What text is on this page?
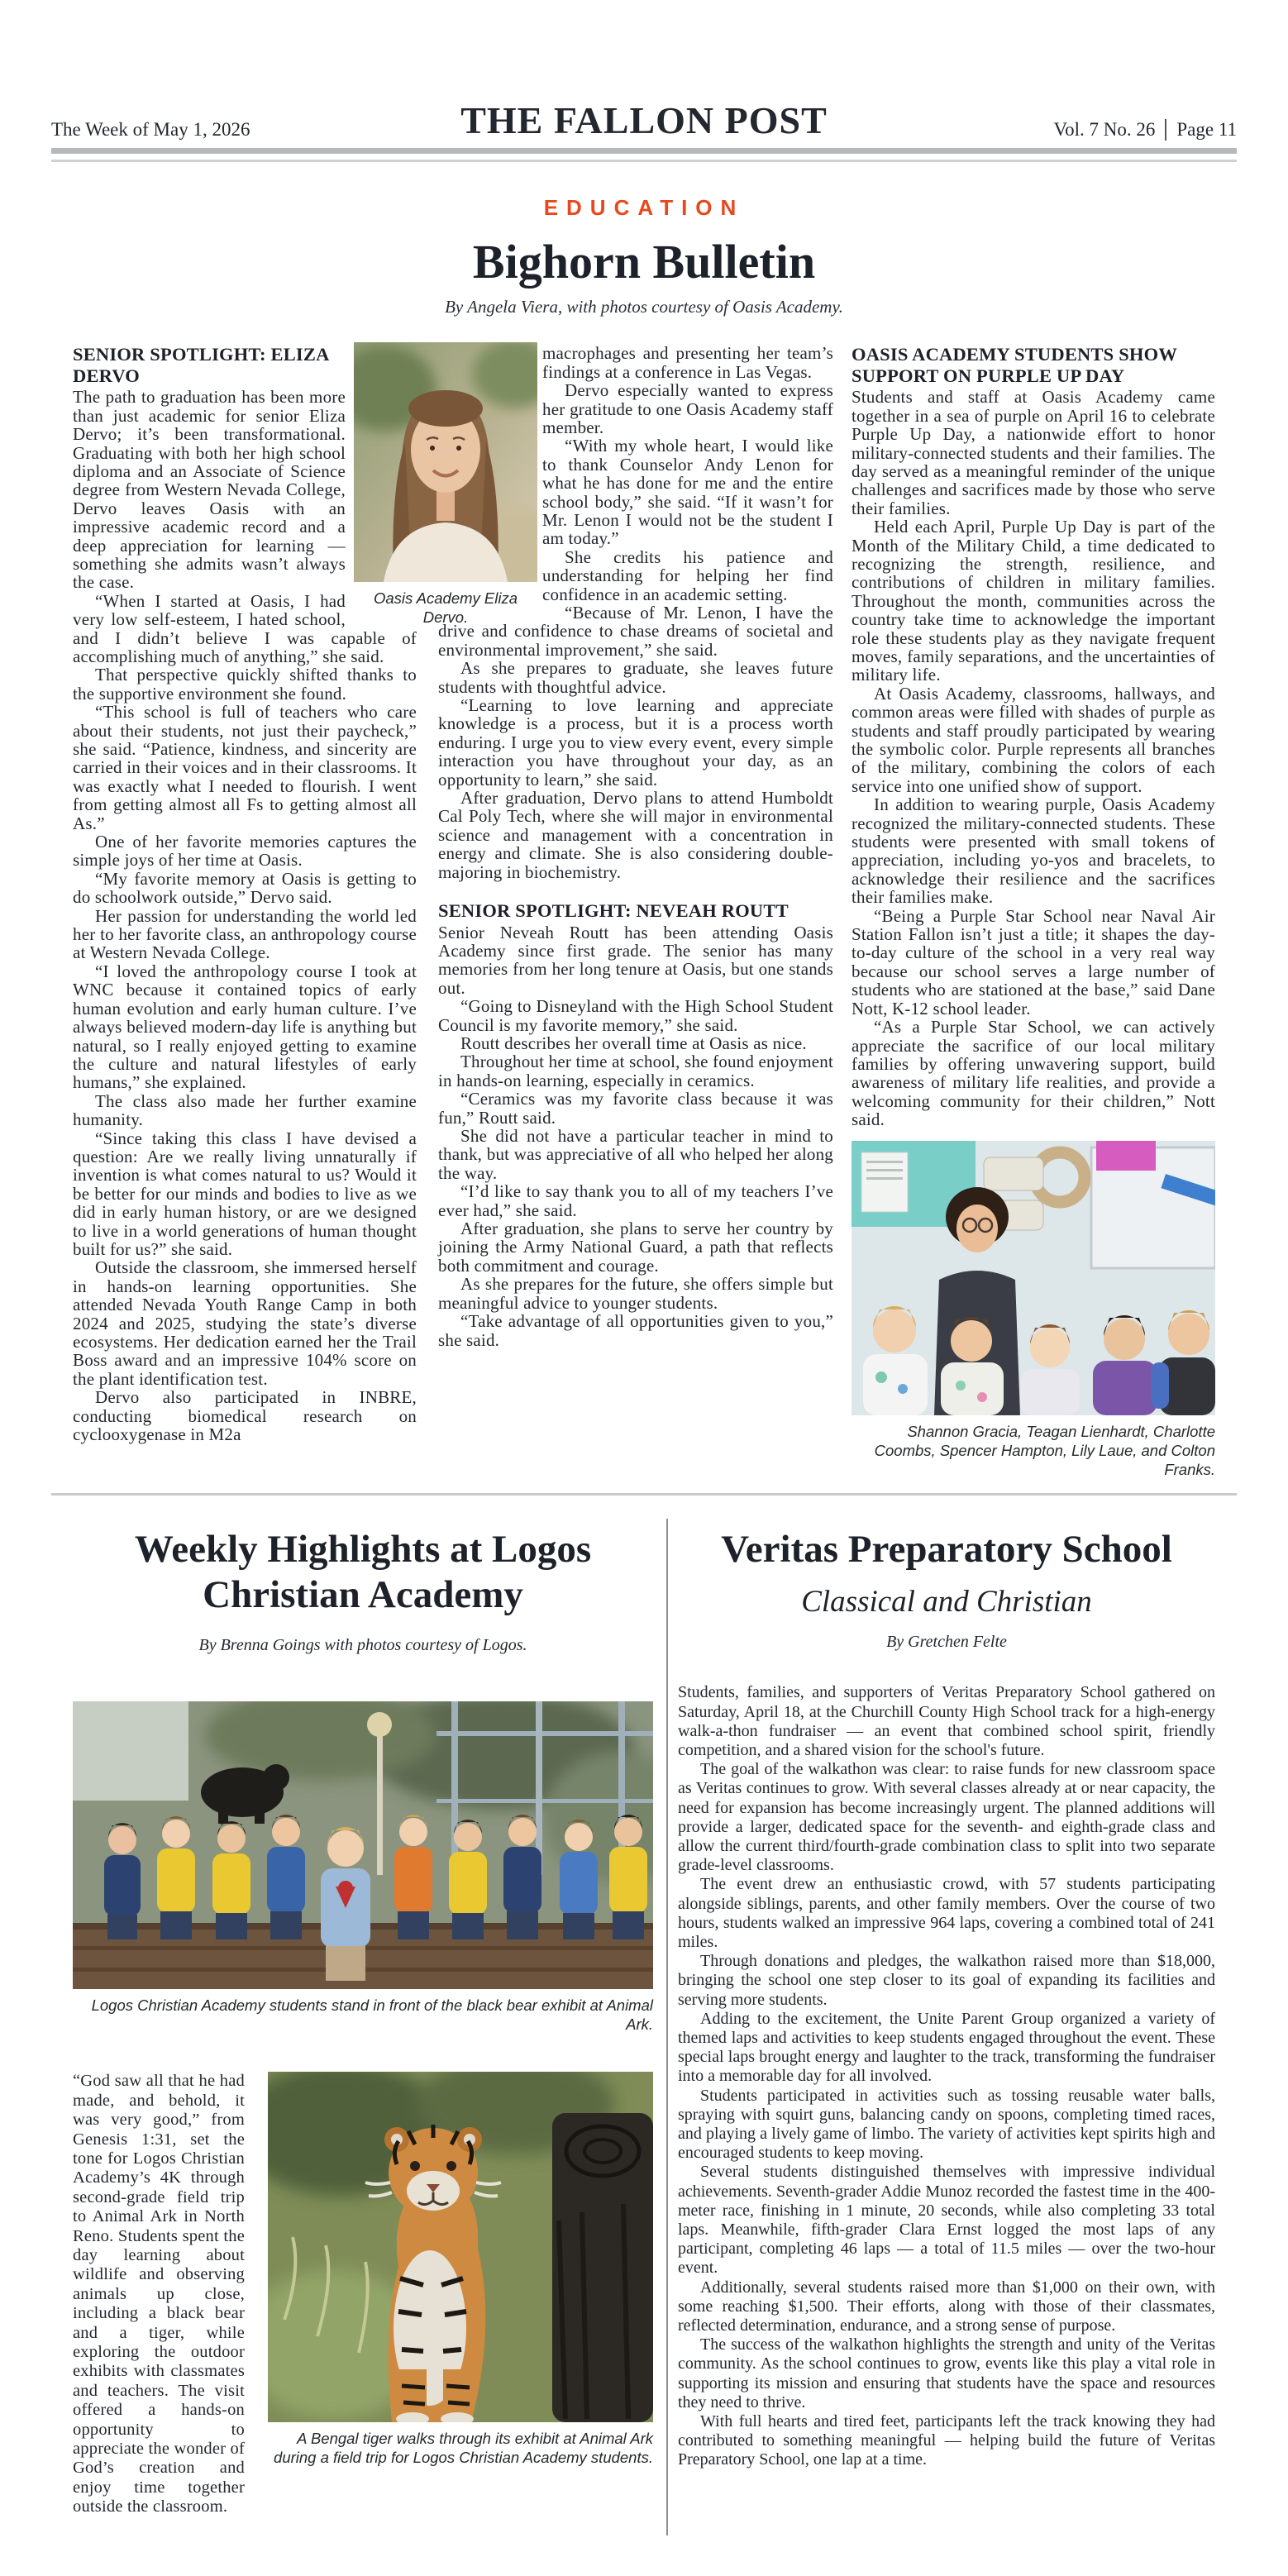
The Week of May 1, 2026	THE FALLON POST	Vol. 7 No. 26 Page 11
EDUCATION
Bighorn Bulletin
By Angela Viera, with photos courtesy of Oasis Academy.
Oasis Academy Eliza Dervo.
SENIOR SPOTLIGHT: ELIZA DERVO

The path to graduation has been more than just academic for senior Eliza Dervo; it’s been transformational. Graduating with both her high school diploma and an Associate of Science degree from Western Nevada College, Dervo leaves Oasis with an impressive academic record and a deep appreciation for learning — something she admits wasn’t always the case.

“When I started at Oasis, I had very low self-esteem, I hated school, and I didn’t believe I was capable of accomplishing much of anything,” she said.

That perspective quickly shifted thanks to the supportive environment she found.

“This school is full of teachers who care about their students, not just their paycheck,” she said. “Patience, kindness, and sincerity are carried in their voices and in their classrooms. It was exactly what I needed to flourish. I went from getting almost all Fs to getting almost all As.”

One of her favorite memories captures the simple joys of her time at Oasis.

“My favorite memory at Oasis is getting to do schoolwork outside,” Dervo said.

Her passion for understanding the world led her to her favorite class, an anthropology course at Western Nevada College.

“I loved the anthropology course I took at WNC because it contained topics of early human evolution and early human culture. I’ve always believed modern-day life is anything but natural, so I really enjoyed getting to examine the culture and natural lifestyles of early humans,” she explained.

The class also made her further examine humanity.

“Since taking this class I have devised a question: Are we really living unnaturally if invention is what comes natural to us? Would it be better for our minds and bodies to live as we did in early human history, or are we designed to live in a world generations of human thought built for us?” she said.

Outside the classroom, she immersed herself in hands-on learning opportunities. She attended Nevada Youth Range Camp in both 2024 and 2025, studying the state’s diverse ecosystems. Her dedication earned her the Trail Boss award and an impressive 104% score on the plant identification test.

Dervo also participated in INBRE, conducting biomedical research on cyclooxygenase in M2a

macrophages and presenting her team’s findings at a conference in Las Vegas.

Dervo especially wanted to express her gratitude to one Oasis Academy staff member.

“With my whole heart, I would like to thank Counselor Andy Lenon for what he has done for me and the entire school body,” she said. “If it wasn’t for Mr. Lenon I would not be the student I am today.”

She credits his patience and understanding for helping her find confidence in an academic setting.

“Because of Mr. Lenon, I have the drive and confidence to chase dreams of societal and environmental improvement,” she said.

As she prepares to graduate, she leaves future students with thoughtful advice.

“Learning to love learning and appreciate knowledge is a process, but it is a process worth enduring. I urge you to view every event, every simple interaction you have throughout your day, as an opportunity to learn,” she said.

After graduation, Dervo plans to attend Humboldt Cal Poly Tech, where she will major in environmental science and management with a concentration in energy and climate. She is also considering double-majoring in biochemistry.

SENIOR SPOTLIGHT: NEVEAH ROUTT

Senior Neveah Routt has been attending Oasis Academy since first grade. The senior has many memories from her long tenure at Oasis, but one stands out.

“Going to Disneyland with the High School Student Council is my favorite memory,” she said.

Routt describes her overall time at Oasis as nice.

Throughout her time at school, she found enjoyment in hands-on learning, especially in ceramics.

“Ceramics was my favorite class because it was fun,” Routt said.

She did not have a particular teacher in mind to thank, but was appreciative of all who helped her along the way.

“I’d like to say thank you to all of my teachers I’ve ever had,” she said.

After graduation, she plans to serve her country by joining the Army National Guard, a path that reflects both commitment and courage.

As she prepares for the future, she offers simple but meaningful advice to younger students.

“Take advantage of all opportunities given to you,” she said.

OASIS ACADEMY STUDENTS SHOW SUPPORT ON PURPLE UP DAY

Students and staff at Oasis Academy came together in a sea of purple on April 16 to celebrate Purple Up Day, a nationwide effort to honor military-connected students and their families. The day served as a meaningful reminder of the unique challenges and sacrifices made by those who serve their families.

Held each April, Purple Up Day is part of the Month of the Military Child, a time dedicated to recognizing the strength, resilience, and contributions of children in military families. Throughout the month, communities across the country take time to acknowledge the important role these students play as they navigate frequent moves, family separations, and the uncertainties of military life.

At Oasis Academy, classrooms, hallways, and common areas were filled with shades of purple as students and staff proudly participated by wearing the symbolic color. Purple represents all branches of the military, combining the colors of each service into one unified show of support.

In addition to wearing purple, Oasis Academy recognized the military-connected students. These students were presented with small tokens of appreciation, including yo-yos and bracelets, to acknowledge their resilience and the sacrifices their families make.

“Being a Purple Star School near Naval Air Station Fallon isn’t just a title; it shapes the day-to-day culture of the school in a very real way because our school serves a large number of students who are stationed at the base,” said Dane Nott, K-12 school leader.

“As a Purple Star School, we can actively appreciate the sacrifice of our local military families by offering unwavering support, build awareness of military life realities, and provide a welcoming community for their children,” Nott said.

Shannon Gracia, Teagan Lienhardt, Charlotte Coombs, Spencer Hampton, Lily Laue, and Colton Franks.
Weekly Highlights at Logos Christian Academy
By Brenna Goings with photos courtesy of Logos.
Logos Christian Academy students stand in front of the black bear exhibit at Animal Ark.

“God saw all that he had made, and behold, it was very good,” from Genesis 1:31, set the tone for Logos Christian Academy’s 4K through second-grade field trip to Animal Ark in North Reno. Students spent the day learning about wildlife and observing animals up close, including a black bear and a tiger, while exploring the outdoor exhibits with classmates and teachers. The visit offered a hands-on opportunity to appreciate the wonder of God’s creation and enjoy time together outside the classroom.

A Bengal tiger walks through its exhibit at Animal Ark during a field trip for Logos Christian Academy students.
Veritas Preparatory School
Classical and Christian
By Gretchen Felte

Students, families, and supporters of Veritas Preparatory School gathered on Saturday, April 18, at the Churchill County High School track for a high-energy walk-a-thon fundraiser — an event that combined school spirit, friendly competition, and a shared vision for the school's future.

The goal of the walkathon was clear: to raise funds for new classroom space as Veritas continues to grow. With several classes already at or near capacity, the need for expansion has become increasingly urgent. The planned additions will provide a larger, dedicated space for the seventh- and eighth-grade class and allow the current third/fourth-grade combination class to split into two separate grade-level classrooms.

The event drew an enthusiastic crowd, with 57 students participating alongside siblings, parents, and other family members. Over the course of two hours, students walked an impressive 964 laps, covering a combined total of 241 miles.

Through donations and pledges, the walkathon raised more than $18,000, bringing the school one step closer to its goal of expanding its facilities and serving more students.

Adding to the excitement, the Unite Parent Group organized a variety of themed laps and activities to keep students engaged throughout the event. These special laps brought energy and laughter to the track, transforming the fundraiser into a memorable day for all involved.

Students participated in activities such as tossing reusable water balls, spraying with squirt guns, balancing candy on spoons, completing timed races, and playing a lively game of limbo. The variety of activities kept spirits high and encouraged students to keep moving.

Several students distinguished themselves with impressive individual achievements. Seventh-grader Addie Munoz recorded the fastest time in the 400-meter race, finishing in 1 minute, 20 seconds, while also completing 33 total laps. Meanwhile, fifth-grader Clara Ernst logged the most laps of any participant, completing 46 laps — a total of 11.5 miles — over the two-hour event.

Additionally, several students raised more than $1,000 on their own, with some reaching $1,500. Their efforts, along with those of their classmates, reflected determination, endurance, and a strong sense of purpose.

The success of the walkathon highlights the strength and unity of the Veritas community. As the school continues to grow, events like this play a vital role in supporting its mission and ensuring that students have the space and resources they need to thrive.

With full hearts and tired feet, participants left the track knowing they had contributed to something meaningful — helping build the future of Veritas Preparatory School, one lap at a time.
